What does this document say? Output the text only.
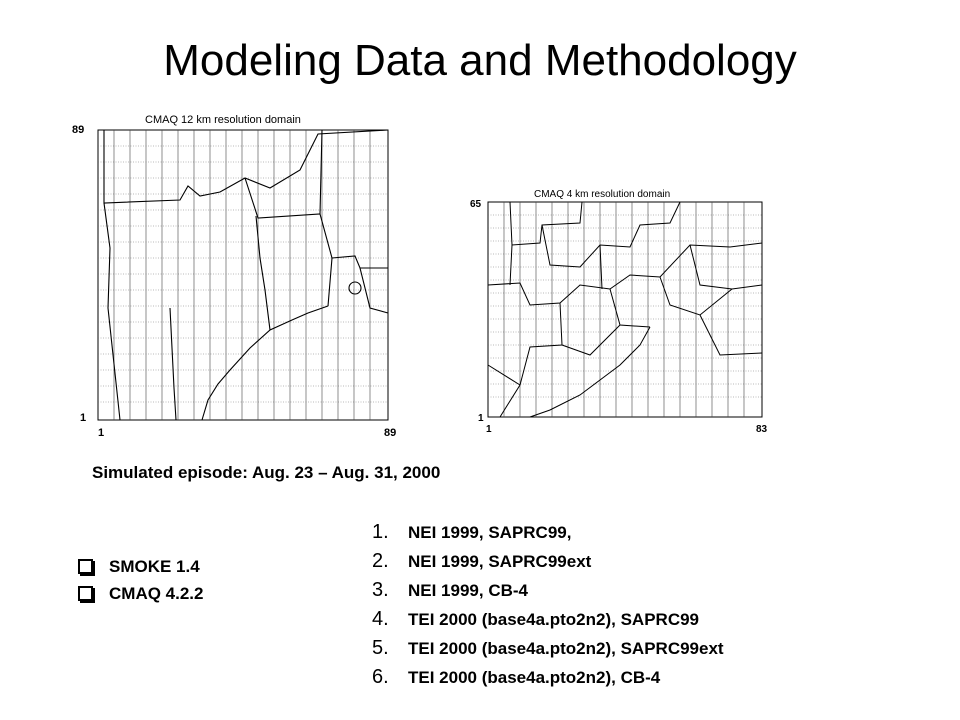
Modeling Data and Methodology
CMAQ 12 km resolution domain
89
1
1	89
CMAQ 4 km resolution domain
65
1
1	83
Simulated episode: Aug. 23 – Aug. 31, 2000
SMOKE 1.4
CMAQ 4.2.2
1.	NEI 1999, SAPRC99,
2.	NEI 1999, SAPRC99ext
3.	NEI 1999, CB-4
4.	TEI 2000 (base4a.pto2n2), SAPRC99
5.	TEI 2000 (base4a.pto2n2), SAPRC99ext
6.	TEI 2000 (base4a.pto2n2), CB-4
